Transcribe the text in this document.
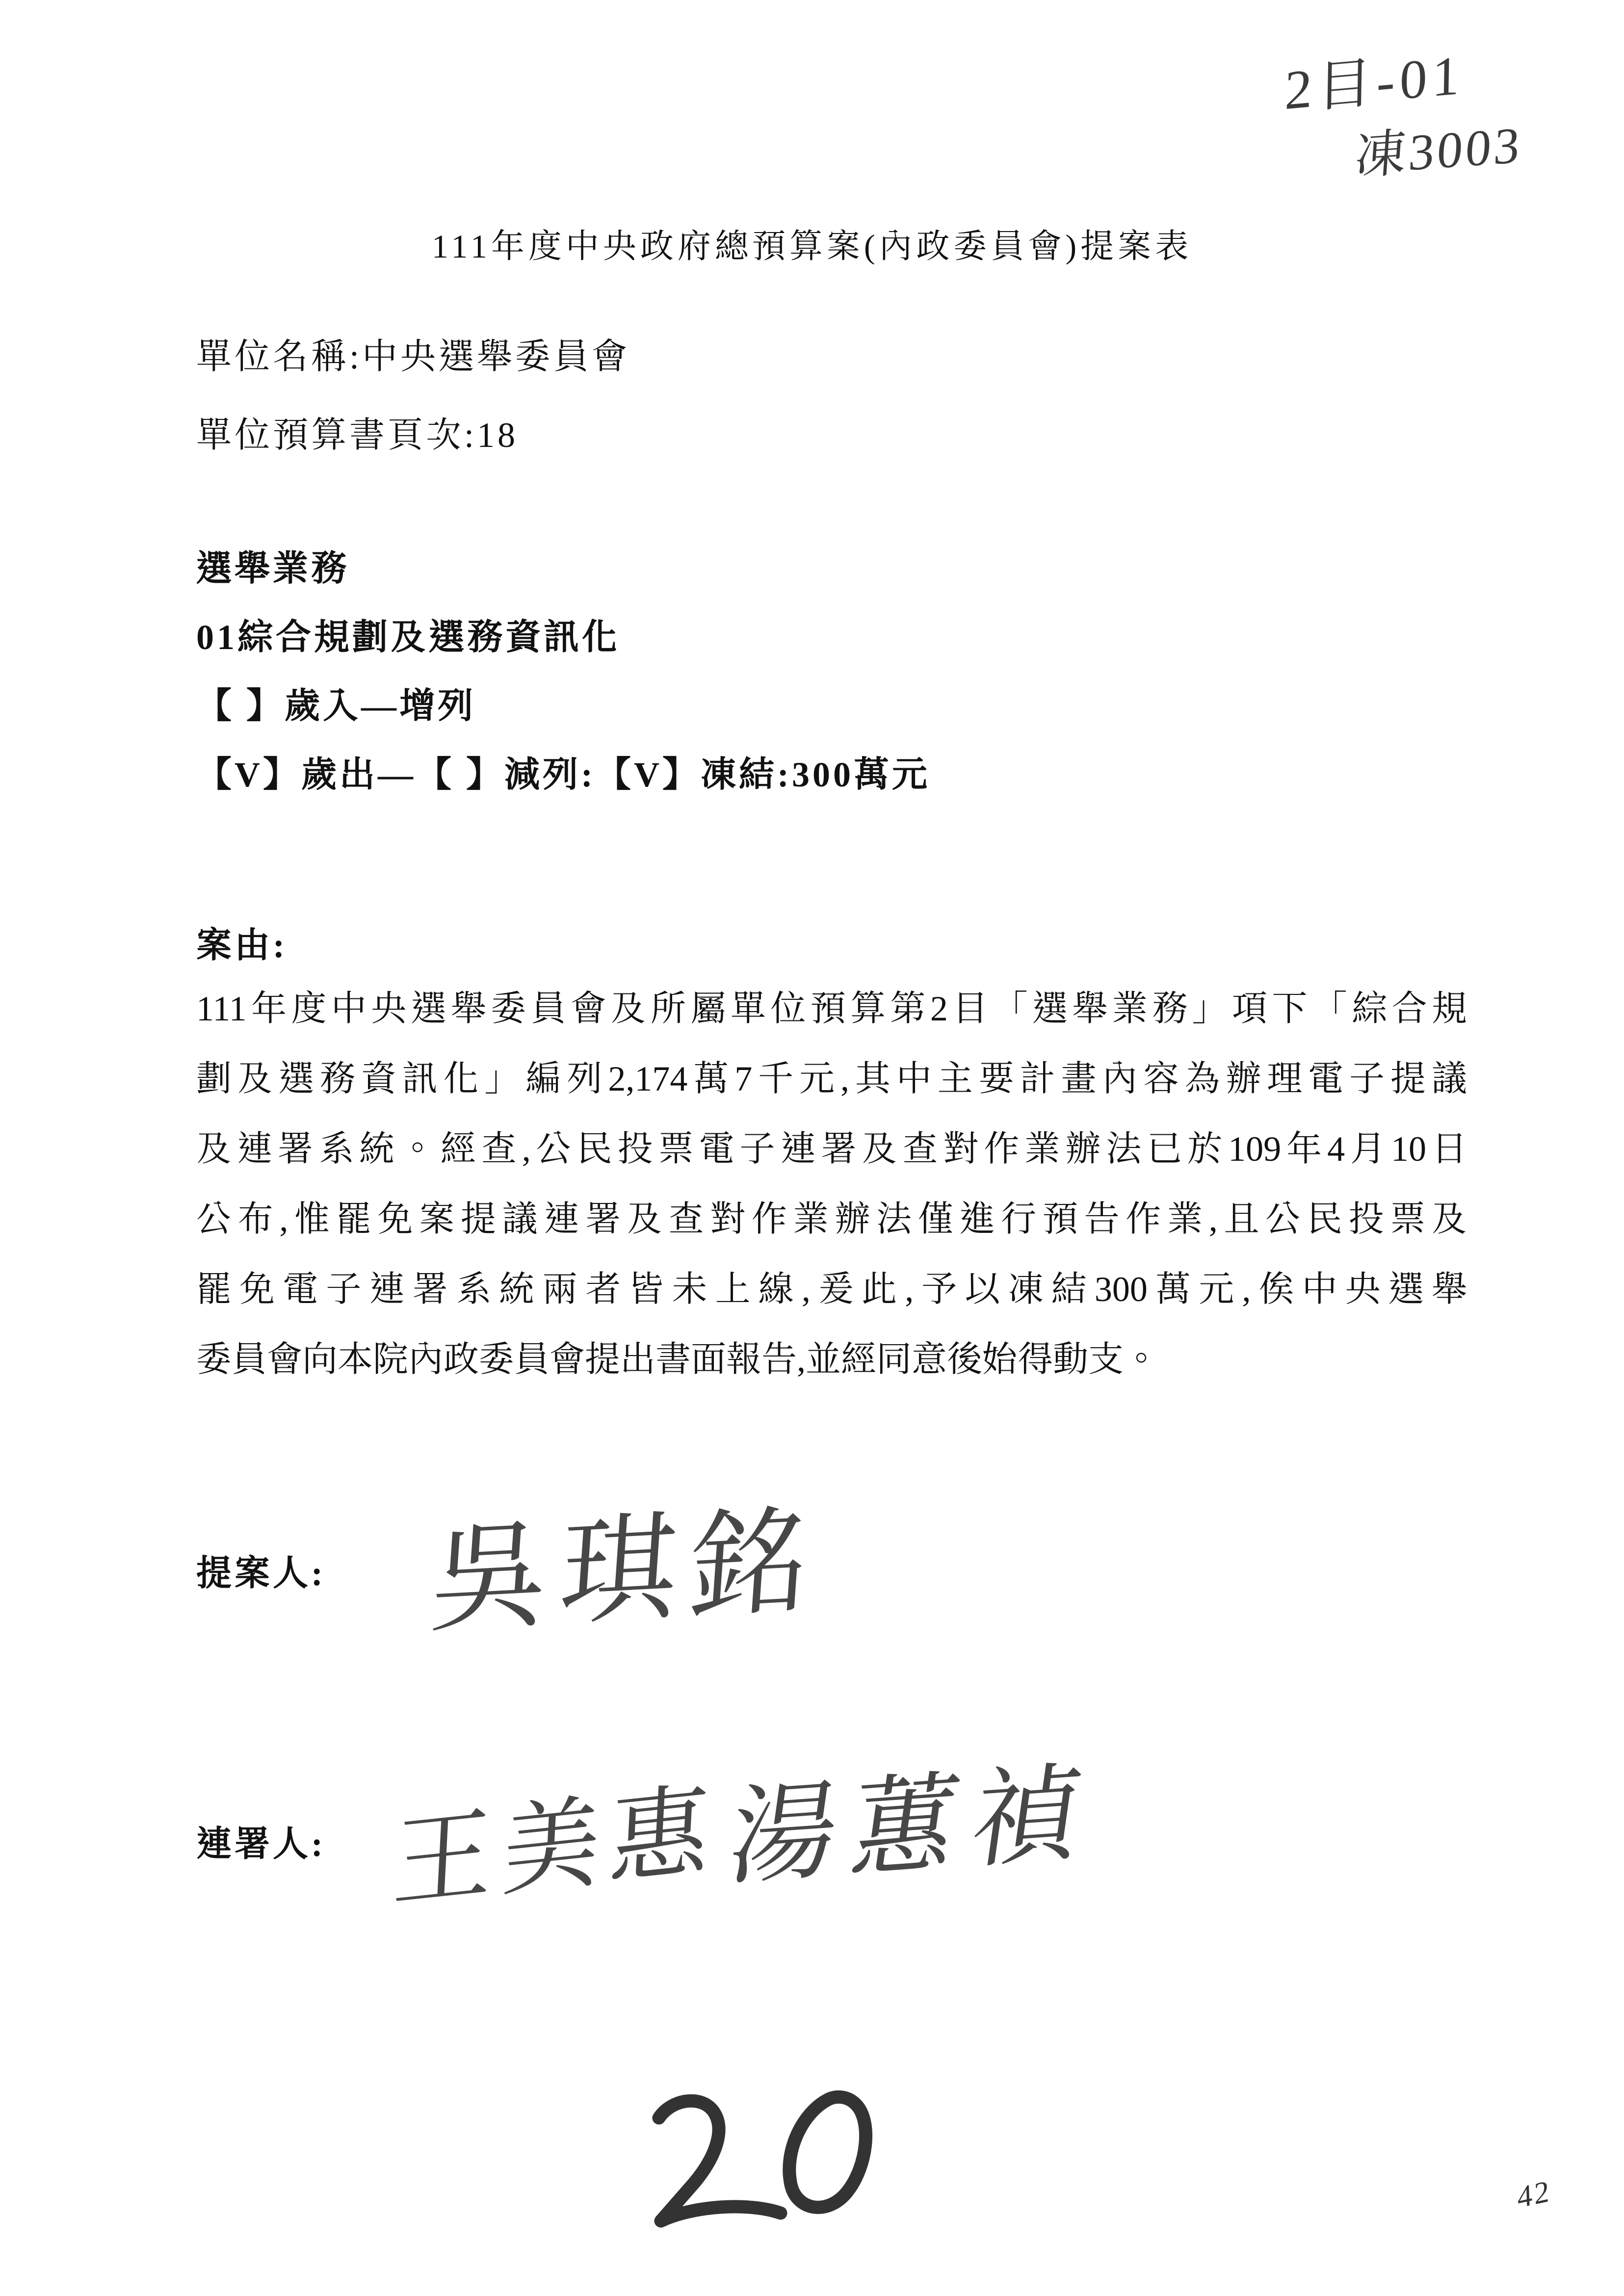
2目-01
凍3003
111年度中央政府總預算案(內政委員會)提案表
單位名稱:中央選舉委員會
單位預算書頁次:18
選舉業務
01綜合規劃及選務資訊化
【 】歲入—增列
【V】歲出—【 】減列:【V】凍結:300萬元
案由:
111年度中央選舉委員會及所屬單位預算第2目「選舉業務」項下「綜合規
劃及選務資訊化」編列2,174萬7千元,其中主要計畫內容為辦理電子提議
及連署系統。經查,公民投票電子連署及查對作業辦法已於109年4月10日
公布,惟罷免案提議連署及查對作業辦法僅進行預告作業,且公民投票及
罷免電子連署系統兩者皆未上線,爰此,予以凍結300萬元,俟中央選舉
委員會向本院內政委員會提出書面報告,並經同意後始得動支。
提案人: 吳琪銘
連署人: 王美惠 湯蕙禎
42
